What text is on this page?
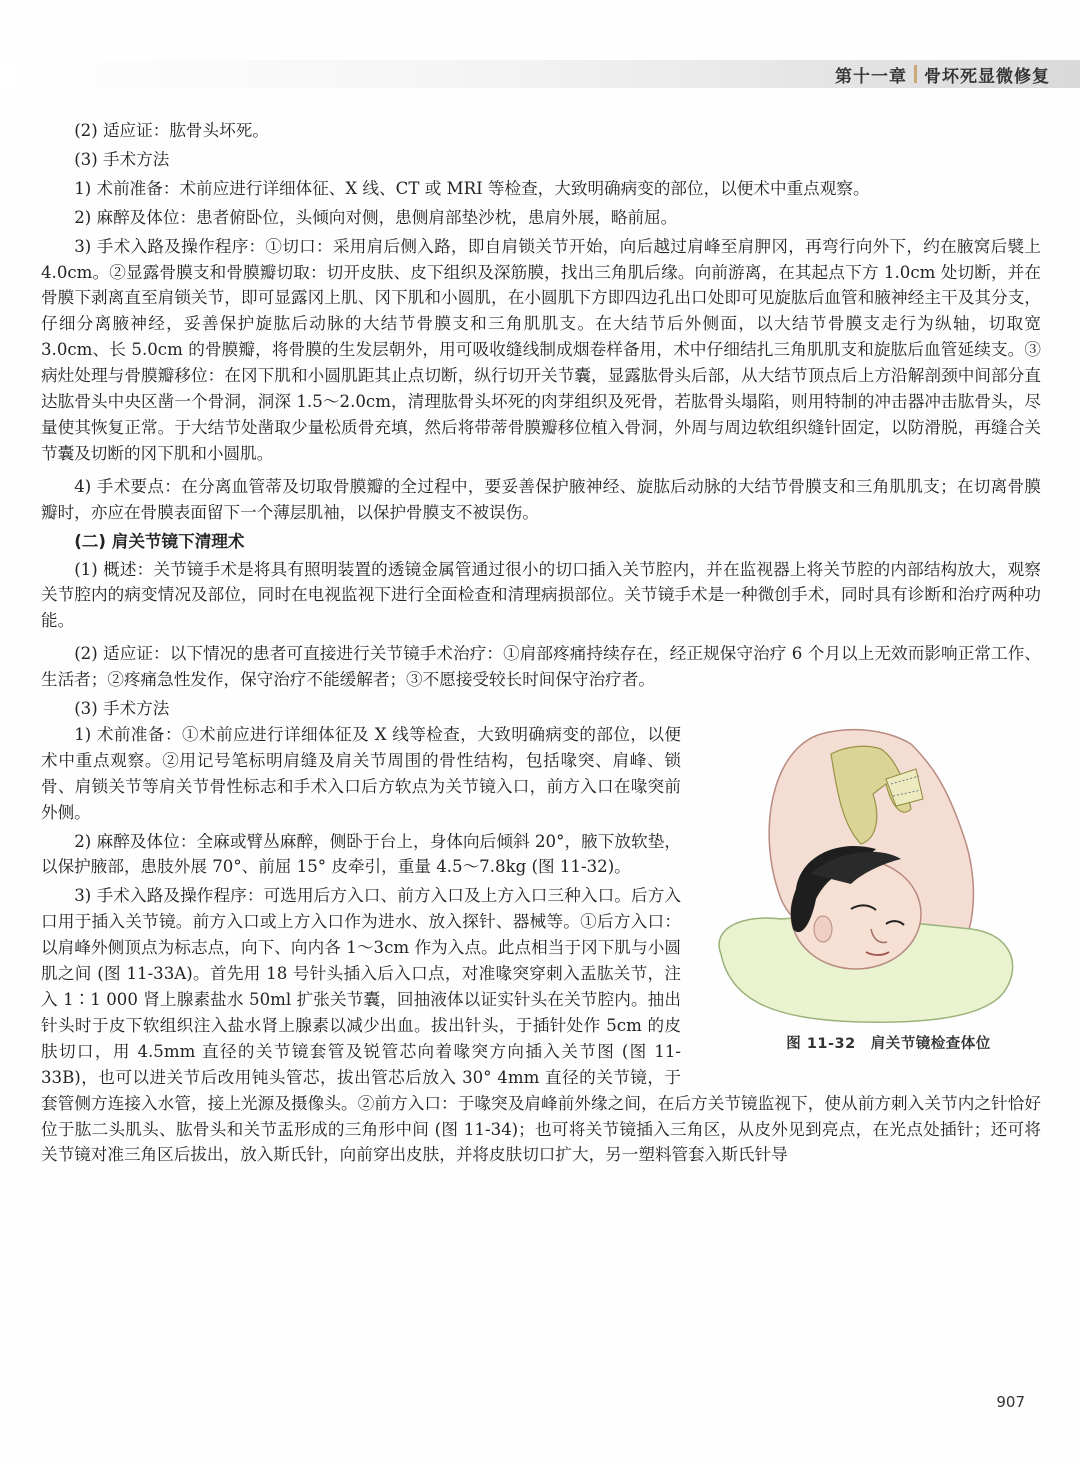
第十一章 骨坏死显微修复

(2) 适应证：肱骨头坏死。

(3) 手术方法

1) 术前准备：术前应进行详细体征、X 线、CT 或 MRI 等检查，大致明确病变的部位，以便术中重点观察。

2) 麻醉及体位：患者俯卧位，头倾向对侧，患侧肩部垫沙枕，患肩外展，略前屈。

3) 手术入路及操作程序：①切口：采用肩后侧入路，即自肩锁关节开始，向后越过肩峰至肩胛冈，再弯行向外下，约在腋窝后襞上 4.0cm。②显露骨膜支和骨膜瓣切取：切开皮肤、皮下组织及深筋膜，找出三角肌后缘。向前游离，在其起点下方 1.0cm 处切断，并在骨膜下剥离直至肩锁关节，即可显露冈上肌、冈下肌和小圆肌，在小圆肌下方即四边孔出口处即可见旋肱后血管和腋神经主干及其分支，仔细分离腋神经，妥善保护旋肱后动脉的大结节骨膜支和三角肌肌支。在大结节后外侧面，以大结节骨膜支走行为纵轴，切取宽 3.0cm、长 5.0cm 的骨膜瓣，将骨膜的生发层朝外，用可吸收缝线制成烟卷样备用，术中仔细结扎三角肌肌支和旋肱后血管延续支。③病灶处理与骨膜瓣移位：在冈下肌和小圆肌距其止点切断，纵行切开关节囊，显露肱骨头后部，从大结节顶点后上方沿解剖颈中间部分直达肱骨头中央区凿一个骨洞，洞深 1.5～2.0cm，清理肱骨头坏死的肉芽组织及死骨，若肱骨头塌陷，则用特制的冲击器冲击肱骨头，尽量使其恢复正常。于大结节处凿取少量松质骨充填，然后将带蒂骨膜瓣移位植入骨洞，外周与周边软组织缝针固定，以防滑脱，再缝合关节囊及切断的冈下肌和小圆肌。

4) 手术要点：在分离血管蒂及切取骨膜瓣的全过程中，要妥善保护腋神经、旋肱后动脉的大结节骨膜支和三角肌肌支；在切离骨膜瓣时，亦应在骨膜表面留下一个薄层肌袖，以保护骨膜支不被误伤。

(二) 肩关节镜下清理术

(1) 概述：关节镜手术是将具有照明装置的透镜金属管通过很小的切口插入关节腔内，并在监视器上将关节腔的内部结构放大，观察关节腔内的病变情况及部位，同时在电视监视下进行全面检查和清理病损部位。关节镜手术是一种微创手术，同时具有诊断和治疗两种功能。

(2) 适应证：以下情况的患者可直接进行关节镜手术治疗：①肩部疼痛持续存在，经正规保守治疗 6 个月以上无效而影响正常工作、生活者；②疼痛急性发作，保守治疗不能缓解者；③不愿接受较长时间保守治疗者。

(3) 手术方法

图 11-32　肩关节镜检查体位

1) 术前准备：①术前应进行详细体征及 X 线等检查，大致明确病变的部位，以便术中重点观察。②用记号笔标明肩缝及肩关节周围的骨性结构，包括喙突、肩峰、锁骨、肩锁关节等肩关节骨性标志和手术入口后方软点为关节镜入口，前方入口在喙突前外侧。

2) 麻醉及体位：全麻或臂丛麻醉，侧卧于台上，身体向后倾斜 20°，腋下放软垫，以保护腋部，患肢外展 70°、前屈 15° 皮牵引，重量 4.5～7.8kg (图 11-32)。

3) 手术入路及操作程序：可选用后方入口、前方入口及上方入口三种入口。后方入口用于插入关节镜。前方入口或上方入口作为进水、放入探针、器械等。①后方入口：以肩峰外侧顶点为标志点，向下、向内各 1～3cm 作为入点。此点相当于冈下肌与小圆肌之间 (图 11-33A)。首先用 18 号针头插入后入口点，对准喙突穿刺入盂肱关节，注入 1∶1 000 肾上腺素盐水 50ml 扩张关节囊，回抽液体以证实针头在关节腔内。抽出针头时于皮下软组织注入盐水肾上腺素以减少出血。拔出针头，于插针处作 5cm 的皮肤切口，用 4.5mm 直径的关节镜套管及锐管芯向着喙突方向插入关节图 (图 11-33B)，也可以进关节后改用钝头管芯，拔出管芯后放入 30° 4mm 直径的关节镜，于套管侧方连接入水管，接上光源及摄像头。②前方入口：于喙突及肩峰前外缘之间，在后方关节镜监视下，使从前方刺入关节内之针恰好位于肱二头肌头、肱骨头和关节盂形成的三角形中间 (图 11-34)；也可将关节镜插入三角区，从皮外见到亮点，在光点处插针；还可将关节镜对准三角区后拔出，放入斯氏针，向前穿出皮肤，并将皮肤切口扩大，另一塑料管套入斯氏针导

907
